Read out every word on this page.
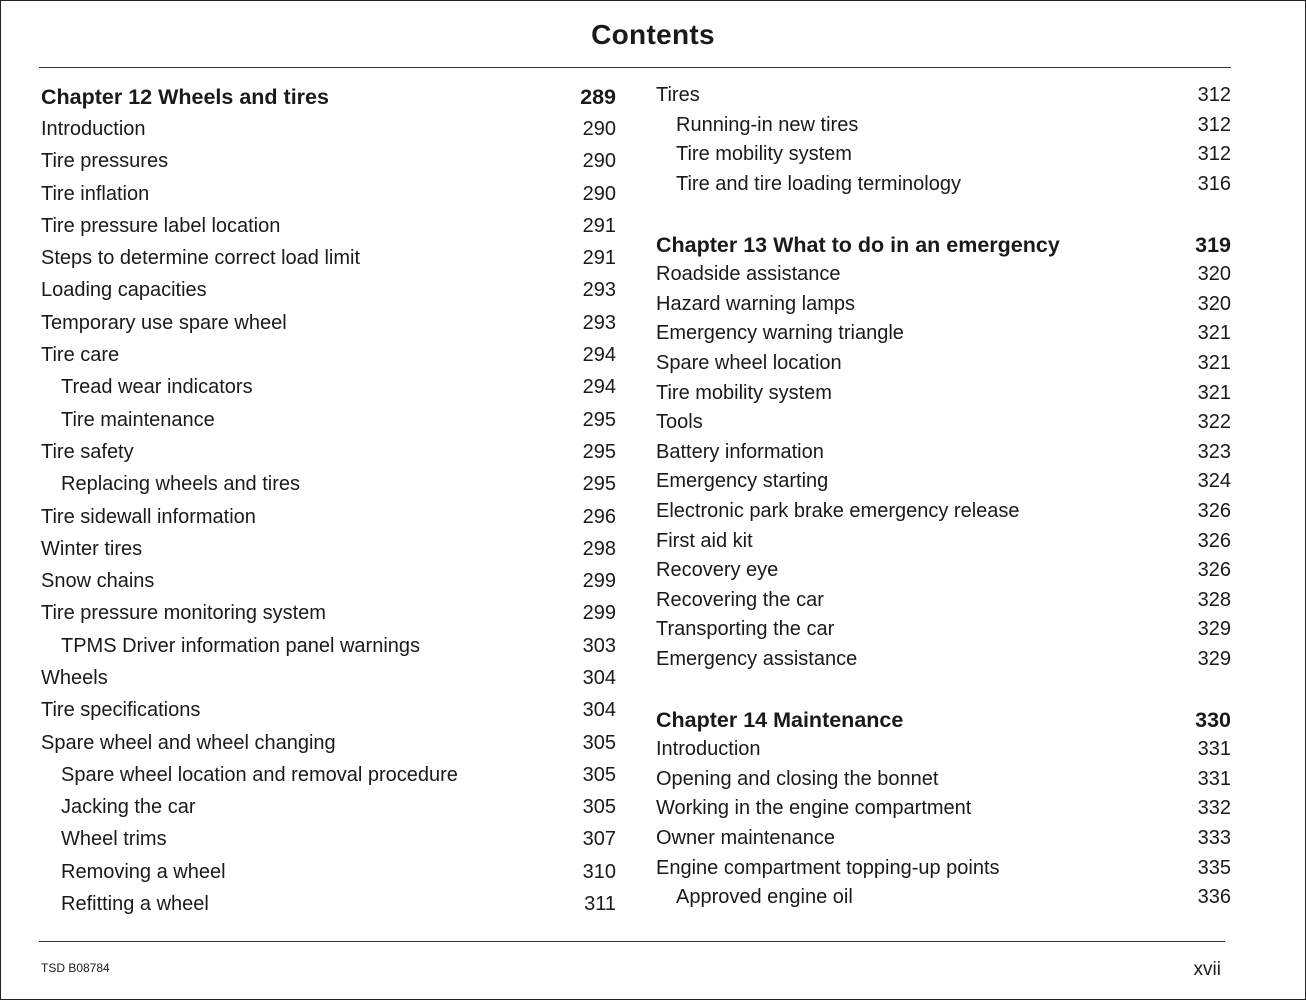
Contents
Chapter 12 Wheels and tires	289
Introduction	290
Tire pressures	290
Tire inflation	290
Tire pressure label location	291
Steps to determine correct load limit	291
Loading capacities	293
Temporary use spare wheel	293
Tire care	294
Tread wear indicators	294
Tire maintenance	295
Tire safety	295
Replacing wheels and tires	295
Tire sidewall information	296
Winter tires	298
Snow chains	299
Tire pressure monitoring system	299
TPMS Driver information panel warnings	303
Wheels	304
Tire specifications	304
Spare wheel and wheel changing	305
Spare wheel location and removal procedure	305
Jacking the car	305
Wheel trims	307
Removing a wheel	310
Refitting a wheel	311
Tires	312
Running-in new tires	312
Tire mobility system	312
Tire and tire loading terminology	316
Chapter 13 What to do in an emergency	319
Roadside assistance	320
Hazard warning lamps	320
Emergency warning triangle	321
Spare wheel location	321
Tire mobility system	321
Tools	322
Battery information	323
Emergency starting	324
Electronic park brake emergency release	326
First aid kit	326
Recovery eye	326
Recovering the car	328
Transporting the car	329
Emergency assistance	329
Chapter 14 Maintenance	330
Introduction	331
Opening and closing the bonnet	331
Working in the engine compartment	332
Owner maintenance	333
Engine compartment topping-up points	335
Approved engine oil	336
TSD B08784	xvii
